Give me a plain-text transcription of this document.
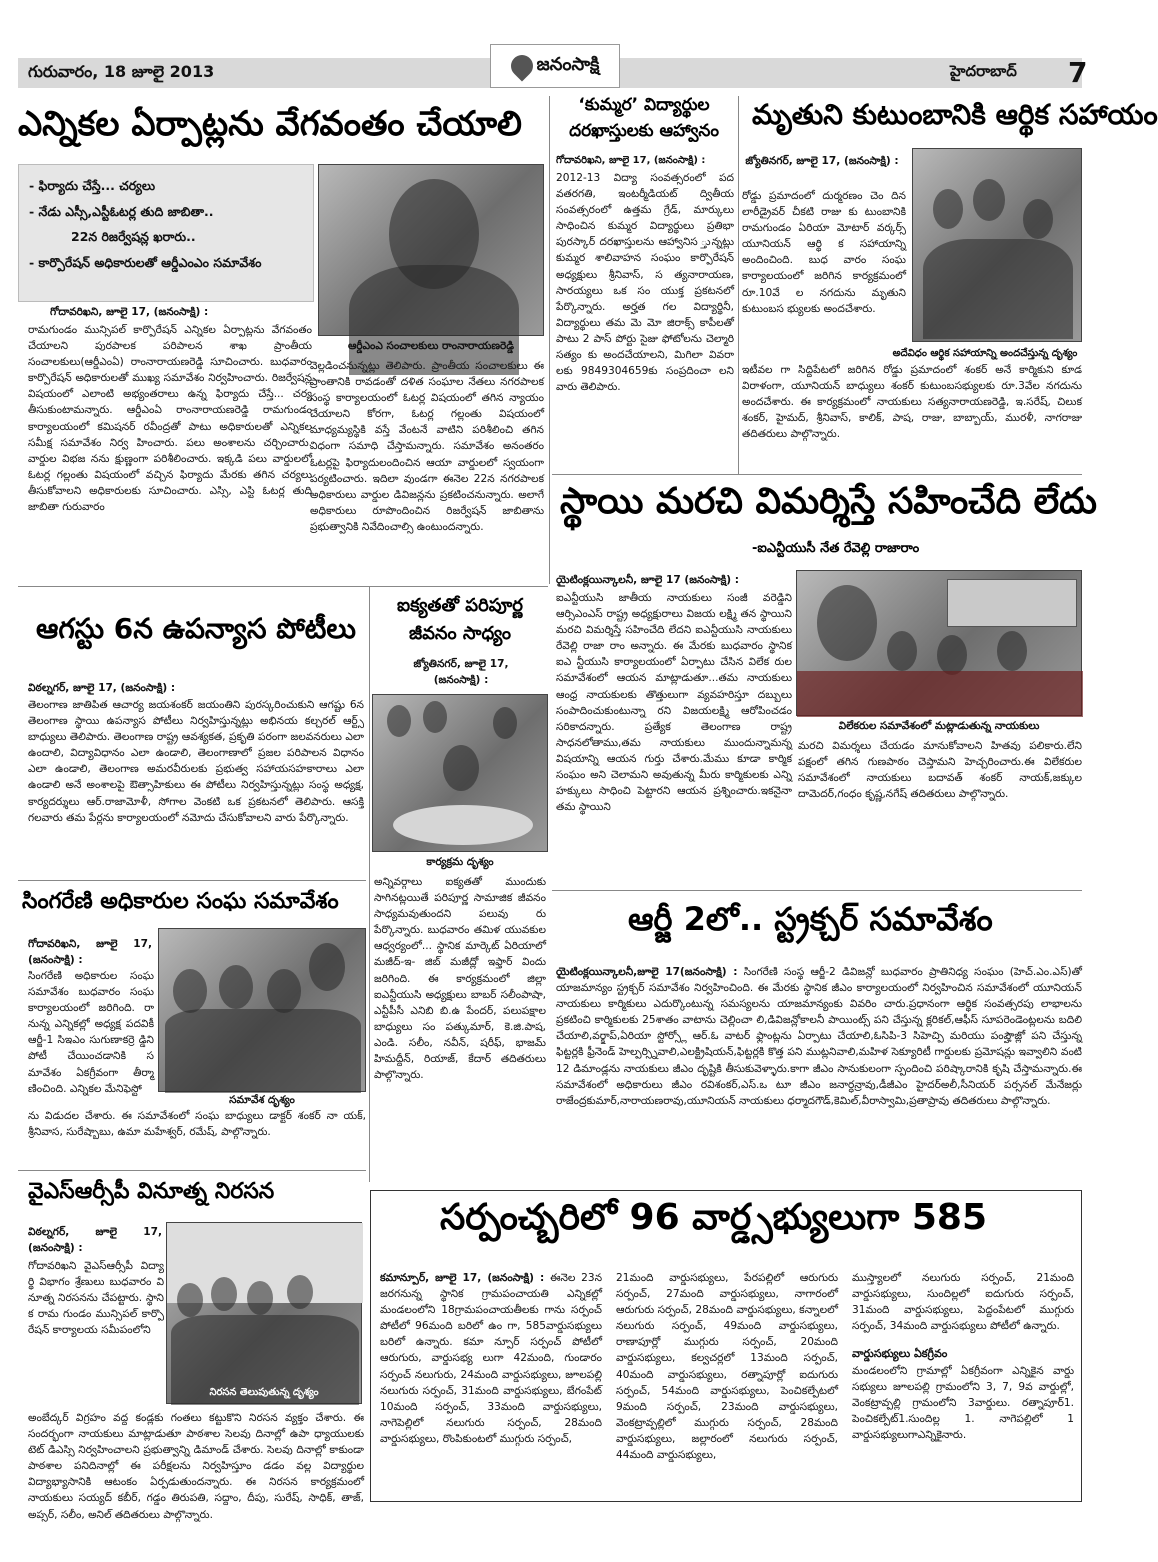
గురువారం, 18 జూలై 2013	జనంసాక్షి	హైదరాబాద్ 7
ఎన్నికల ఏర్పాట్లను వేగవంతం చేయాలి
- ఫిర్యాదు చేస్తే... చర్యలు
- నేడు ఎస్సీ,ఎస్టీఓటర్ల తుది జాబితా..
22న రిజర్వేషన్ల ఖరారు..
- కార్పొరేషన్ అధికారులతో ఆర్డీఎంఎం సమావేశం
ఆర్డీఎంఎ సంచాలకులు రాంనారాయణరెడ్డి
గోదావరిఖని, జూలై 17, (జనంసాక్షి) :
రామగుండం మున్సిపల్ కార్పొరేషన్ ఎన్నికల ఏర్పాట్లను వేగవంతం చేయాలని పురపాలక పరిపాలన శాఖ ప్రాంతీయ సంచాలకులు(ఆర్డీఎంఏ) రాంనారాయణరెడ్డి సూచించారు. బుధవారం కార్పొరేషన్ అధికారులతో ముఖ్య సమావేశం నిర్వహించారు. రిజర్వేషన్ల విషయంలో ఎలాంటి అభ్యంతరాలు ఉన్న ఫిర్యాదు చేస్తే... చర్య తీసుకుంటామన్నారు. ఆర్డీఎంఏ రాంనారాయణరెడ్డి రామగుండం కార్యాలయంలో కమిషనర్ రవీంద్రతో పాటు అధికారులతో ఎన్నికల సమీక్ష సమావేశం నిర్వ హించారు. పలు అంశాలను చర్చించారు. వార్డుల విభజ నను క్షుణ్ణంగా పరిశీలించారు. ఇక్కడి పలు వార్డులలో ఓటర్ల గల్లంతు విషయంలో వచ్చిన ఫిర్యాదు మేరకు తగిన చర్యలు తీసుకోవాలని అధికారులకు సూచించారు. ఎస్సి, ఎస్టి ఓటర్ల తుది జాబితా గురువారం
వెల్లడించనున్నట్లు తెలిపారు. ప్రాంతీయ సంచాలకులు ఈ ప్రాంతానికి రావడంతో దళిత సంఘాల నేతలు నగరపాలక సంస్థ కార్యాలయంలో ఓటర్ల విషయంలో తగిన న్యాయం చేయాలని కోరగా, ఓటర్ల గల్లంతు విషయంలో మాధ్యమ్యస్థికి వస్తే వేంటనే వాటిని పరిశీలించి తగిన విధంగా సమాధి చేస్తామన్నారు. సమావేశం అనంతరం ఓటర్లపై ఫిర్యాదులందించిన ఆయా వార్డులలో స్వయంగా పర్యటించారు. ఇదిలా వుండగా ఈనెల 22న నగరపాలక అధికారులు వార్డుల డివిజన్లను ప్రకటించనున్నారు. అలాగే అధికారులు రూపొందించిన రిజర్వేషన్ జాబితాను ప్రభుత్వానికి నివేదించాల్సి ఉంటుందన్నారు.
‘కుమ్మర’ విద్యార్థుల
దరఖాస్తులకు ఆహ్వానం
గోదావరిఖని, జూలై 17, (జనంసాక్షి) :
2012-13 విద్యా సంవత్సరంలో పద వతరగతి, ఇంటర్మీడియట్ ద్వితీయ సంవత్సరంలో ఉత్తమ గ్రేడ్, మార్కులు సాధించిన కుమ్మర విద్యార్థులు ప్రతిభా పురస్కార్ దరఖాస్తులను ఆహ్వానిస ్తున్నట్లు కుమ్మర శాలివాహన సంఘం కార్పొరేషన్ అధ్యక్షులు శ్రీనివాస్, స త్యనారాయణ, సారయ్యలు ఒక సం యుక్త ప్రకటనలో పేర్కొన్నారు. అర్హత గల విద్యార్థినీ, విద్యార్థులు తమ మె మో జిరాక్స్ కాపీలతో పాటు 2 పాస్ పోర్టు సైజు ఫోటోలను చెల్మారి సత్యం కు అందచేయాలని, మిగిలా వివరా లకు 9849304659కు సంప్రదించా లని వారు తెలిపారు.
మృతుని కుటుంబానికి ఆర్థిక సహాయం
జ్యోతినగర్, జూలై 17, (జనంసాక్షి) :
రోడ్డు ప్రమాదంలో దుర్మరణం చెం దిన లారీడ్రైవర్ చీకటి రాజు కు టుంబానికి రామగుండం ఏరియా మోటార్ వర్కర్స్ యూనియన్ ఆర్థి క సహాయాన్ని అందించింది. బుధ వారం సంఘ కార్యాలయంలో జరిగిన కార్యక్రమంలో రూ.10వే ల నగదును మృతుని కుటుంబస భ్యులకు అందచేశారు.
అదేవిధం ఆర్థిక సహాయాన్ని అందచేస్తున్న దృశ్యం
ఇటీవల గా సిద్దిపేటలో జరిగిన రోడ్డు ప్రమాదంలో శంకర్ అనే కార్మికుని కూడ విరాళంగా, యూనియన్ బాధ్యులు శంకర్ కుటుంబసభ్యులకు రూ.3వేల నగదును అందచేశారు. ఈ కార్యక్రమంలో నాయకులు సత్యనారాయణరెడ్డి, ఇ.సరేష్, చిలుక శంకర్, హైమద్, శ్రీనివాస్, కాలిక్, పాష, రాజు, బాబ్బాయ్, మురళీ, నాగరాజు తదితరులు పాల్గొన్నారు.
స్థాయి మరచి విమర్శిస్తే సహించేది లేదు
-ఐఎన్టీయుసీ నేత రేవెల్లి రాజారాం
యైటింక్లయిన్కాలనీ, జూలై 17 (జనంసాక్షి) :
ఐఎన్టీయుసి జాతీయ నాయకులు సంజీ వరెడ్డిని ఆర్సిఎంఎస్ రాష్ట్ర అధ్యక్షురాలు విజయ లక్ష్మి తన స్థాయిని మరచి విమర్శిస్తే సహించేది లేదని ఐఎన్టీయుసి నాయకులు రేవెల్లి రాజా రాం అన్నారు. ఈ మేరకు బుధవారం స్థానిక ఐఎ న్టీయుసి కార్యాలయంలో ఏర్పాటు చేసిన విలేక రుల సమావేశంలో ఆయన మాట్లాడుతూ...తమ నాయకులు ఆంధ్ర నాయకులకు తొత్తులుగా వ్యవహరిస్తూ దబ్బులు సంపాదించుకుంటున్నా రని విజయలక్ష్మి ఆరోపించడం సరికాదన్నారు. ప్రత్యేక తెలంగాణ రాష్ట్ర సాధనలోతాము,తమ నాయకులు ముందున్నామన్న విషయాన్ని ఆయన గుర్తు చేశారు.మేము కూడా కార్మిక సంఘం అని చెలామని అవుతున్న మీరు కార్మికులకు ఎన్ని హక్కులు సాధించి పెట్టారని ఆయన ప్రశ్నించారు.ఇకనైనా తమ స్థాయిని
విలేకరుల సమావేశంలో మట్లాడుతున్న నాయకులు
మరచి విమర్శలు చేయడం మానుకోవాలని హితవు పలికారు.లేని పక్షంలో తగిన గుణపాఠం చెప్తామని హెచ్చరించారు.ఈ విలేకరుల సమావేశంలో నాయకులు బదావత్ శంకర్ నాయక్,జక్కుల దామెదర్,గంధం కృష్ణ,నగేష్ తదితరులు పాల్గొన్నారు.
ఆగస్టు 6న ఉపన్యాస పోటీలు
విఠల్నగర్, జూలై 17, (జనంసాక్షి) :
తెలంగాణ జాతిపిత ఆచార్య జయశంకర్ జయంతిని పురస్కరించుకుని ఆగష్టు 6న తెలంగాణ స్థాయి ఉపన్యాస పోటీలు నిర్వహిస్తున్నట్లు అభినయ కల్చరల్ ఆర్ట్స్ బాధ్యులు తెలిపారు. తెలంగాణ రాష్ట్ర ఆవశ్యకత, ప్రకృతి పరంగా జలవనరులు ఎలా ఉందాలి, విద్యావిధానం ఎలా ఉండాలి, తెలంగాణాలో ప్రజల పరిపాలన విధానం ఎలా ఉండాలి, తెలంగాణ అమరవీరులకు ప్రభుత్వ సహాయసహకారాలు ఎలా ఉండాలి అనే అంశాలపై ఔత్సాహికులు ఈ పోటీలు నిర్వహిస్తున్నట్లు సంస్థ అధ్యక్ష, కార్యదర్శులు ఆర్.రాజామోళీ, సోగాల వెంకటి ఒక ప్రకటనలో తెలిపారు. ఆసక్తి గలవారు తమ పేర్లను కార్యాలయంలో నమోదు చేసుకోవాలని వారు పేర్కొన్నారు.
ఐక్యతతో పరిపూర్ణ
జీవనం సాధ్యం
జ్యోతినగర్, జూలై 17, (జనంసాక్షి) :
కార్యక్రమ దృశ్యం
అన్నివర్గాలు ఐక్యతతో ముందుకు సాగినట్లయితే పరిపూర్ణ సామాజిక జీవనం సాధ్యమవుతుందని పలువు రు పేర్కొన్నారు. బుధవారం తమిళ యువకుల ఆధ్వర్యంలో... స్థానిక మార్కెట్ ఏరియాలో మజీద్-ఇ- జిబ్ మజీద్లో ఇఫ్తార్ విందు జరిగింది. ఈ కార్యక్రమంలో జిల్లా ఐఎన్టీయుసి అధ్యక్షులు బాబర్ సలీంపాషా, ఎన్టీపీసీ ఎనిబి బి.ఉ పేందర్, పలుపక్షాల బాధ్యులు సం పత్కుమార్, కె.జి.పాష, ఎండి. సలీం, నవీన్, షరీఫ్, భాజమ్ హిమద్దీన్, రియాజ్, కేదార్ తదితరులు పాల్గొన్నారు.
సింగరేణి అధికారుల సంఘ సమావేశం
గోదావరిఖని, జూలై 17, (జనంసాక్షి) :
సింగరేణి అధికారుల సంఘ సమావేశం బుధవారం సంఘ కార్యాలయంలో జరిగింది. రా నున్న ఎన్నికల్లో అధ్యక్ష పదవికీ ఆర్జీ-1 సిఇఎం సుగుణాకర్రె డ్డిని పోటీ చేయించడానికి స మావేశం ఏకగ్రీవంగా తీర్మా ణించింది. ఎన్నికల మేనిఫెస్టో
సమావేశ దృశ్యం
ను విడుదల చేశారు. ఈ సమావేశంలో సంఘ బాధ్యులు డాక్టర్ శంకర్ నా యక్, శ్రీనివాస, సురేష్బాబు, ఉమా మహేశ్వర్, రమేష్, పాల్గొన్నారు.
ఆర్జీ 2లో.. స్ట్రక్చర్ సమావేశం
యైటింక్లయిన్కాలనీ,జూలై 17(జనంసాక్షి) : సింగరేణి సంస్థ ఆర్జీ-2 డివిజన్లో బుధవారం ప్రాతినిధ్య సంఘం (హెచ్.ఎం.ఎస్)తో యాజమాన్యం స్ట్రక్చర్ సమావేశం నిర్వహించింది. ఈ మేరకు స్థానిక జీఎం కార్యాలయంలో నిర్వహించిన సమావేశంలో యూనియన్ నాయకులు కార్మికులు ఎదుర్కొంటున్న సమస్యలను యాజమాన్యంకు వివరిం చారు.ప్రధానంగా ఆర్థిక సంవత్సరపు లాభాలను ప్రకటించి కార్మికులకు 25శాతం వాటాను చెల్లించా లి,డివిజన్లోకాలనీ పాయింట్స్ పని చేస్తున్న క్లరికల్,ఆఫీస్ సూపరెండెంట్లలను బదిలి చేయాలి,వర్క్షాప్,ఏరియా స్టోర్స్లో ఆర్.ఓ వాటర్ ఫ్లాంట్లను ఏర్పాటు చేయాలి,ఓసిపి-3 సిహెచ్పి మరియు పంప్హౌజ్లో పని చేస్తున్న ఫిట్టర్లకి ఫ్రీనెండ్ హెల్పర్స్నివాలి,ఎలక్ట్రిషియన్,ఫిట్టర్లకి కొత్త పని ముట్లనివాలి,మహిళ సెక్యూరిటీ గార్డులకు ప్రమోషన్లు ఇవ్వాలిని వంటి 12 డిమాండ్లను నాయకులు జీఎం దృష్టికి తీసుకువెళ్ళారు.కాగా జీఎం సానుకులంగా స్పందించి పరిష్కారానికి కృషి చేస్తామన్నారు.ఈ సమావేశంలో అధికారులు జీఎం రవిశంకర్,ఎస్.ఒ టూ జీఎం జనార్ధన్రావు,డీజీఎం హైదర్అలీ,సీనియర్ పర్సనల్ మేనేజర్లు రాజేంద్రకుమార్,నారాయణరావు,యూనియన్ నాయకులు ధర్మాదగౌడ్,కెమిల్,వీరాస్వామి,ప్రతాప్రావు తదితరులు పాల్గొన్నారు.
వైఎస్ఆర్సీపీ వినూత్న నిరసన
విఠల్నగర్, జూలై 17, (జనంసాక్షి) :
గోదావరిఖని వైఎస్ఆర్సీపీ విద్యా ర్థి విభాగం శ్రేణులు బుధవారం వి నూత్న నిరసనను చేపట్టారు. స్థాని క రామ గుండం మున్సిపల్ కార్పొ రేషన్ కార్యాలయ సమీపంలోని
నిరసన తెలుపుతున్న దృశ్యం
అంబేద్కర్ విగ్రహం వద్ద కండ్లకు గంతలు కట్టుకొని నిరసన వ్యక్తం చేశారు. ఈ సందర్భంగా నాయకులు మాట్లాడుతూ పాఠశాల సెలవు దినాల్లో ఉపా ధ్యాయులకు టెట్ డిఎస్సి నిర్వహించాలని ప్రభుత్వాన్ని డిమాండ్ చేశారు. సెలవు దినాల్లో కాకుండా పాఠశాల పనిదినాల్లో ఈ పరీక్షలను నిర్వహిస్తూం డడం వల్ల విద్యార్థుల విద్యాభ్యాసానికి ఆటంకం ఏర్పడుతుందన్నారు. ఈ నిరసన కార్యక్రమంలో నాయకులు సయ్యద్ కబీర్, గడ్డం తిరుపతి, సద్దాం, దీపు, సురేష్, సాధిక్, తాజ్, అప్సర్, సలీం, అనిల్ తదితరులు పాల్గొన్నారు.
సర్పంచ్బరిలో 96 వార్డ్సభ్యులుగా 585
కమాన్పూర్, జూలై 17, (జనంసాక్షి) : ఈనెల 23న జరగనున్న స్థానిక గ్రామపంచాయతి ఎన్నికల్లో మండలంలోని 18గ్రామపంచాయతీలకు గాను సర్పంచ్ పోటీలో 96మంది బరిలో ఉం గా, 585వార్డుసభ్యులు బరిలో ఉన్నారు. కమా న్పూర్ సర్పంచ్ పోటీలో ఆరుగురు, వార్డుసభ్య లుగా 42మంది, గుండారం సర్పంచ్ నలుగురు, 24మంది వార్డుసభ్యులు, జూలపల్లి నలుగురు సర్పంచ్, 31మంది వార్డుసభ్యులు, బేగంపేట్ 10మంది సర్పంచ్, 33మంది వార్డుసభ్యులు, నాగెపెల్లిలో నలుగురు సర్పంచ్, 28మంది వార్డుసభ్యులు, రొంపికుంటలో ముగ్గురు సర్పంచ్,
21మంది వార్డుసభ్యులు, పేరపల్లిలో ఆరుగురు సర్పంచ్, 27మంది వార్డుసభ్యులు, నాగారంలో ఆరుగురు సర్పంచ్, 28మంది వార్డుసభ్యులు, కన్నాలలో నలుగురు సర్పంచ్, 49మంది వార్డుసభ్యులు, రాణాపూర్లో ముగ్గురు సర్పంచ్, 20మంది వార్డుసభ్యులు, కల్వచర్లలో 13మంది సర్పంచ్, 40మంది వార్డుసభ్యులు, రత్నాపూర్లో ఐదుగురు సర్పంచ్, 54మంది వార్డుసభ్యులు, పెంచికల్పేటలో 9మంది సర్పంచ్, 23మంది వార్డుసభ్యులు, వెంకట్రావ్పల్లిలో ముగ్గురు సర్పంచ్, 28మంది వార్డుసభ్యులు, జల్లారంలో నలుగురు సర్పంచ్, 44మంది వార్డుసభ్యులు,
ముస్త్యాలలో నలుగురు సర్పంచ్, 21మంది వార్డుసభ్యులు, సుందిల్లలో ఐదుగురు సర్పంచ్, 31మంది వార్డుసభ్యులు, పెద్దంపేటలో ముగ్గురు సర్పంచ్, 34మంది వార్డుసభ్యులు పోటీలో ఉన్నారు.
వార్డుసభ్యులు ఏకగ్రీవం
మండలంలోని గ్రామాల్లో ఏకగ్రీవంగా ఎన్నికైన వార్డు సభ్యులు జూలపల్లి గ్రామంలోని 3, 7, 9వ వార్డుల్లో, వెంకట్రావ్పల్లి గ్రామంలోని 3వార్డులు. రత్నాపూర్1. పెంచికల్పేట్1.సుందిల్ల 1. నాగెపల్లిలో 1 వార్డుసభ్యులుగాఎన్నికైనారు.
